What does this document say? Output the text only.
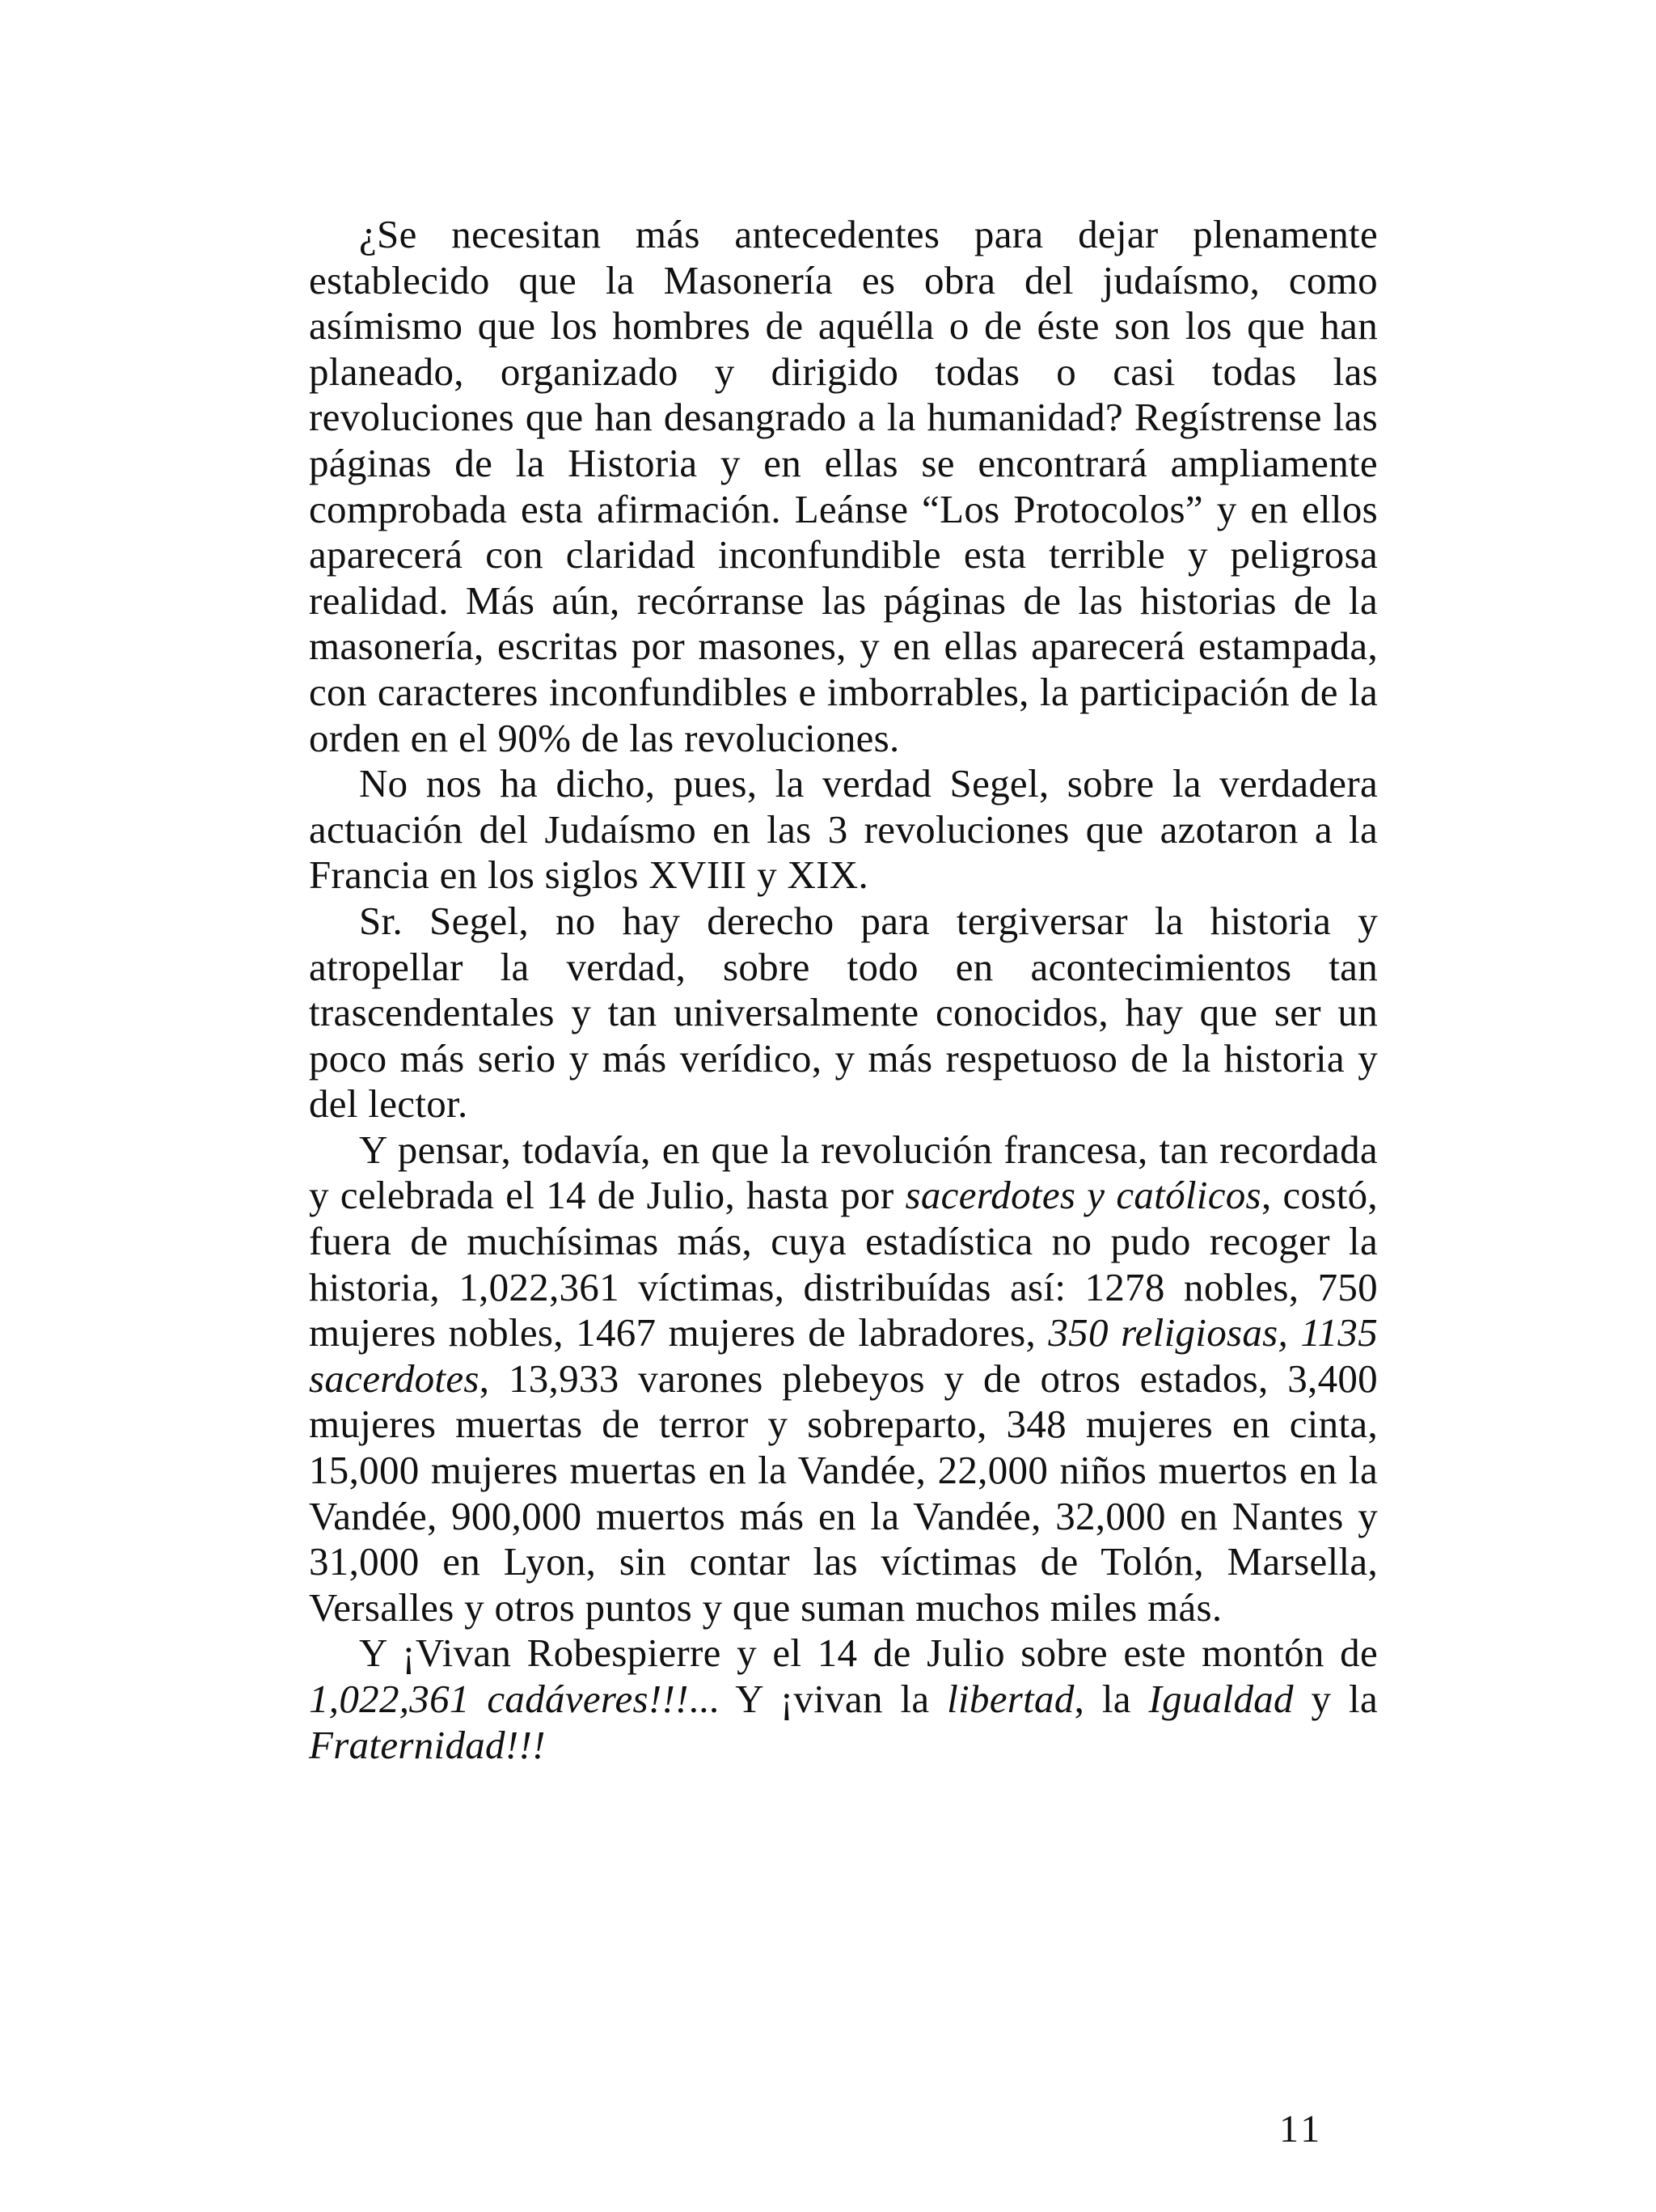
¿Se necesitan más antecedentes para dejar plenamente establecido que la Masonería es obra del judaísmo, como asímismo que los hombres de aquélla o de éste son los que han planeado, organizado y dirigido todas o casi todas las revoluciones que han desangrado a la humanidad? Regístrense las páginas de la Historia y en ellas se encontrará ampliamente comprobada esta afirmación. Leánse “Los Protocolos” y en ellos aparecerá con claridad inconfundible esta terrible y peligrosa realidad. Más aún, recórranse las páginas de las historias de la masonería, escritas por masones, y en ellas aparecerá estampada, con caracteres inconfundibles e imborrables, la participación de la orden en el 90% de las revoluciones.

No nos ha dicho, pues, la verdad Segel, sobre la verdadera actuación del Judaísmo en las 3 revoluciones que azotaron a la Francia en los siglos XVIII y XIX.

Sr. Segel, no hay derecho para tergiversar la historia y atropellar la verdad, sobre todo en acontecimientos tan trascendentales y tan universalmente conocidos, hay que ser un poco más serio y más verídico, y más respetuoso de la historia y del lector.

Y pensar, todavía, en que la revolución francesa, tan recordada y celebrada el 14 de Julio, hasta por sacerdotes y católicos, costó, fuera de muchísimas más, cuya estadística no pudo recoger la historia, 1,022,361 víctimas, distribuídas así: 1278 nobles, 750 mujeres nobles, 1467 mujeres de labradores, 350 religiosas, 1135 sacerdotes, 13,933 varones plebeyos y de otros estados, 3,400 mujeres muertas de terror y sobreparto, 348 mujeres en cinta, 15,000 mujeres muertas en la Vandée, 22,000 niños muertos en la Vandée, 900,000 muertos más en la Vandée, 32,000 en Nantes y 31,000 en Lyon, sin contar las víctimas de Tolón, Marsella, Versalles y otros puntos y que suman muchos miles más.

Y ¡Vivan Robespierre y el 14 de Julio sobre este montón de 1,022,361 cadáveres!!!... Y ¡vivan la libertad, la Igualdad y la Fraternidad!!!

11
